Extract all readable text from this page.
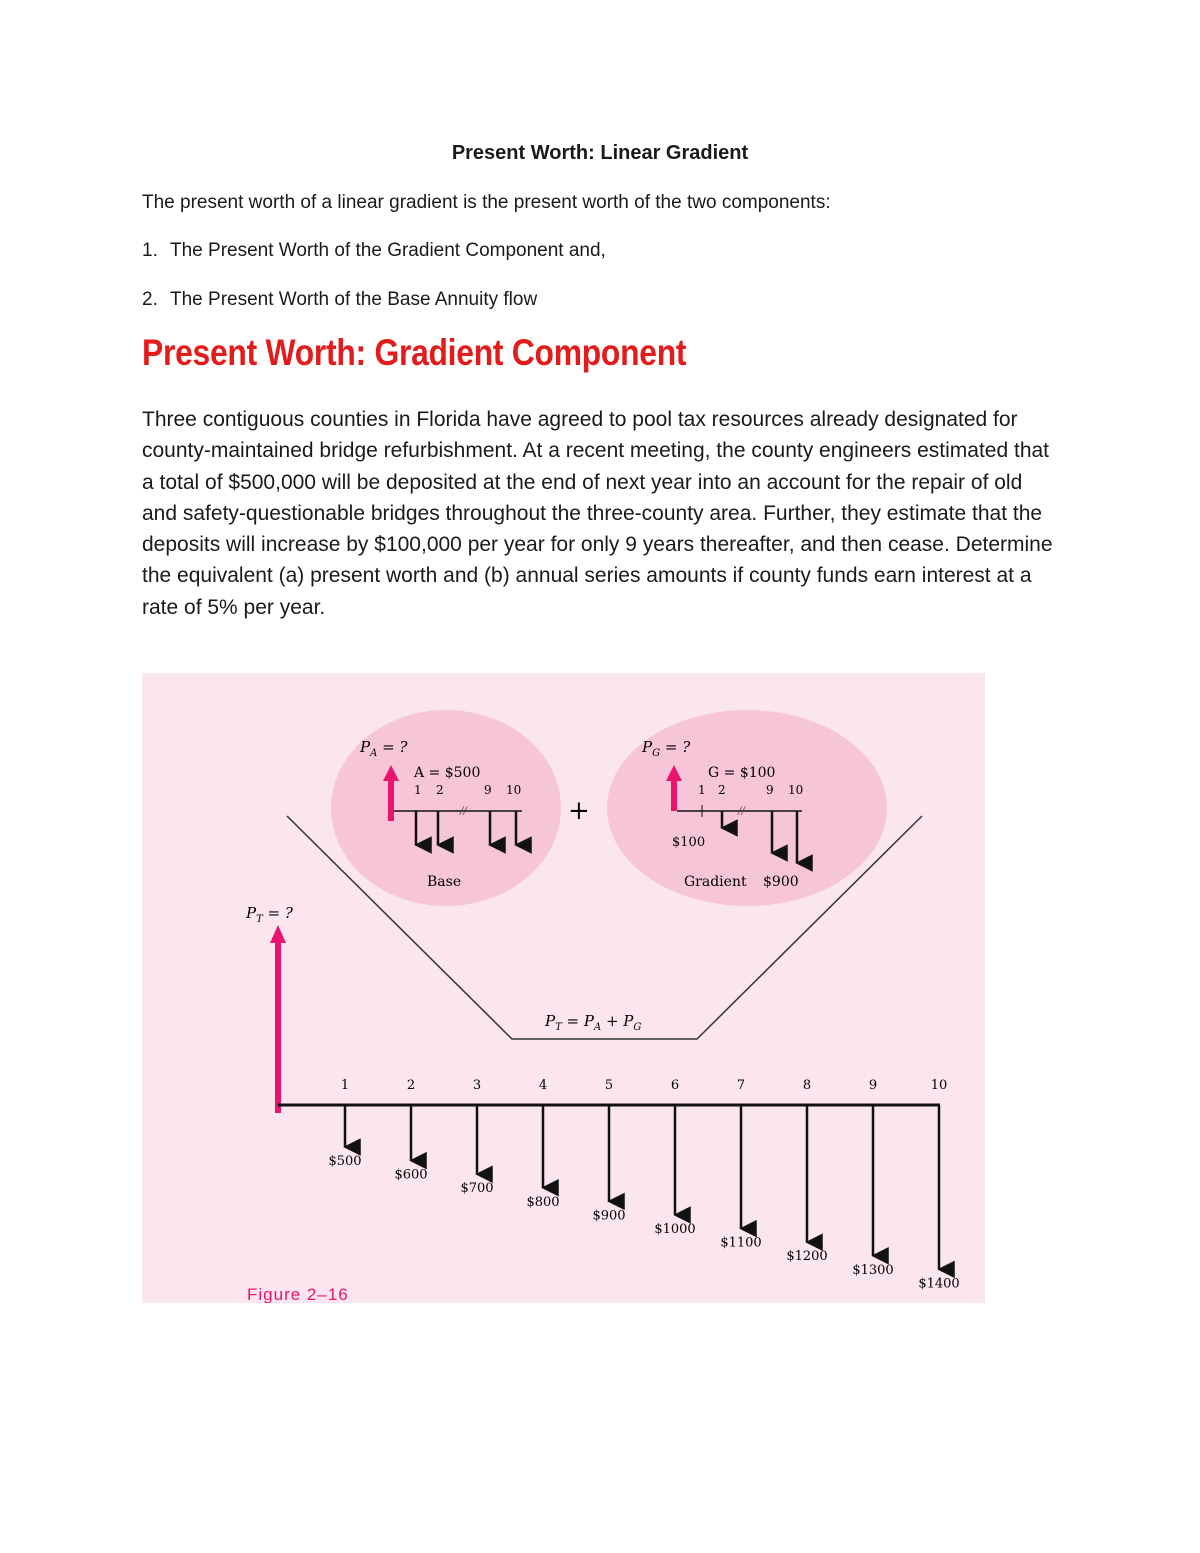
Present Worth: Linear Gradient

The present worth of a linear gradient is the present worth of the two components:

1. The Present Worth of the Gradient Component and,

2. The Present Worth of the Base Annuity flow

Present Worth: Gradient Component

Three contiguous counties in Florida have agreed to pool tax resources already designated for county-maintained bridge refurbishment. At a recent meeting, the county engineers estimated that a total of $500,000 will be deposited at the end of next year into an account for the repair of old and safety-questionable bridges throughout the three-county area. Further, they estimate that the deposits will increase by $100,000 per year for only 9 years thereafter, and then cease. Determine the equivalent (a) present worth and (b) annual series amounts if county funds earn interest at a rate of 5% per year.

$P_A$ = ?
A = $500
1 2	9 10
//
Base
+
$P_G$ = ?
G = $100
1 2	9 10
//
$100
Gradient $900
$P_T$ = ?
$P_T = P_A + P_G$
1
$500
2
$600
3
$700
4
$800
5
$900
6
$1000
7
$1100
8
$1200
9
$1300
10
$1400
Figure 2–16
